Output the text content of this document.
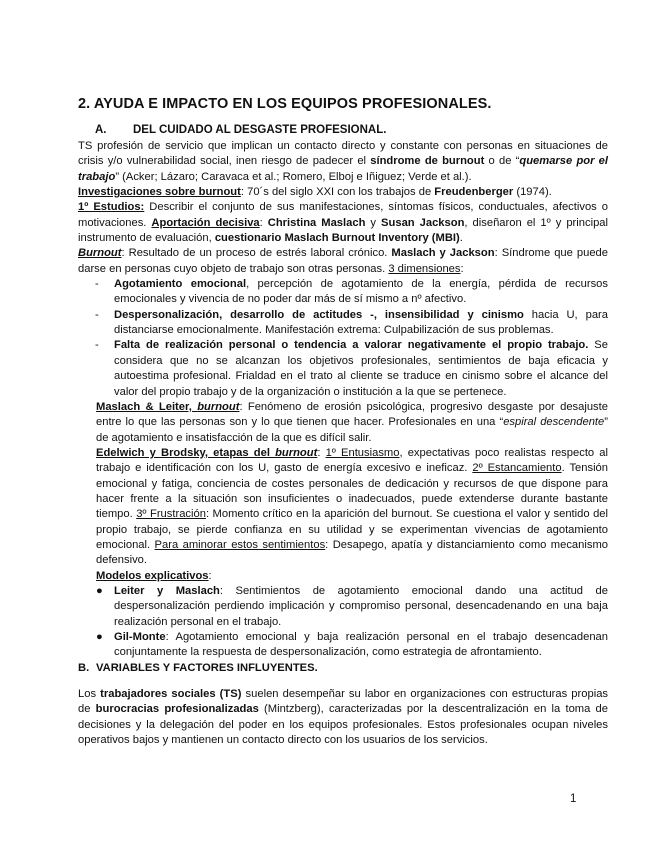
2. AYUDA E IMPACTO EN LOS EQUIPOS PROFESIONALES.
A. DEL CUIDADO AL DESGASTE PROFESIONAL.

TS profesión de servicio que implican un contacto directo y constante con personas en situaciones de crisis y/o vulnerabilidad social, inen riesgo de padecer el síndrome de burnout o de “quemarse por el trabajo” (Acker; Lázaro; Caravaca et al.; Romero, Elboj e Iñiguez; Verde et al.).

Investigaciones sobre burnout: 70´s del siglo XXI con los trabajos de Freudenberger (1974).

1º Estudios: Describir el conjunto de sus manifestaciones, síntomas físicos, conductuales, afectivos o motivaciones. Aportación decisiva: Christina Maslach y Susan Jackson, diseñaron el 1º y principal instrumento de evaluación, cuestionario Maslach Burnout Inventory (MBI).

Burnout: Resultado de un proceso de estrés laboral crónico. Maslach y Jackson: Síndrome que puede darse en personas cuyo objeto de trabajo son otras personas. 3 dimensiones:

- Agotamiento emocional, percepción de agotamiento de la energía, pérdida de recursos emocionales y vivencia de no poder dar más de sí mismo a nº afectivo.
- Despersonalización, desarrollo de actitudes -, insensibilidad y cinismo hacia U, para distanciarse emocionalmente. Manifestación extrema: Culpabilización de sus problemas.
- Falta de realización personal o tendencia a valorar negativamente el propio trabajo. Se considera que no se alcanzan los objetivos profesionales, sentimientos de baja eficacia y autoestima profesional. Frialdad en el trato al cliente se traduce en cinismo sobre el alcance del valor del propio trabajo y de la organización o institución a la que se pertenece.

Maslach & Leiter, burnout: Fenómeno de erosión psicológica, progresivo desgaste por desajuste entre lo que las personas son y lo que tienen que hacer. Profesionales en una “espiral descendente” de agotamiento e insatisfacción de la que es difícil salir.

Edelwich y Brodsky, etapas del burnout: 1º Entusiasmo, expectativas poco realistas respecto al trabajo e identificación con los U, gasto de energía excesivo e ineficaz. 2º Estancamiento. Tensión emocional y fatiga, conciencia de costes personales de dedicación y recursos de que dispone para hacer frente a la situación son insuficientes o inadecuados, puede extenderse durante bastante tiempo. 3º Frustración: Momento crítico en la aparición del burnout. Se cuestiona el valor y sentido del propio trabajo, se pierde confianza en su utilidad y se experimentan vivencias de agotamiento emocional. Para aminorar estos sentimientos: Desapego, apatía y distanciamiento como mecanismo defensivo.

Modelos explicativos:

● Leiter y Maslach: Sentimientos de agotamiento emocional dando una actitud de despersonalización perdiendo implicación y compromiso personal, desencadenando en una baja realización personal en el trabajo.
● Gil-Monte: Agotamiento emocional y baja realización personal en el trabajo desencadenan conjuntamente la respuesta de despersonalización, como estrategia de afrontamiento.

B. VARIABLES Y FACTORES INFLUYENTES.

Los trabajadores sociales (TS) suelen desempeñar su labor en organizaciones con estructuras propias de burocracias profesionalizadas (Mintzberg), caracterizadas por la descentralización en la toma de decisiones y la delegación del poder en los equipos profesionales. Estos profesionales ocupan niveles operativos bajos y mantienen un contacto directo con los usuarios de los servicios.

1
